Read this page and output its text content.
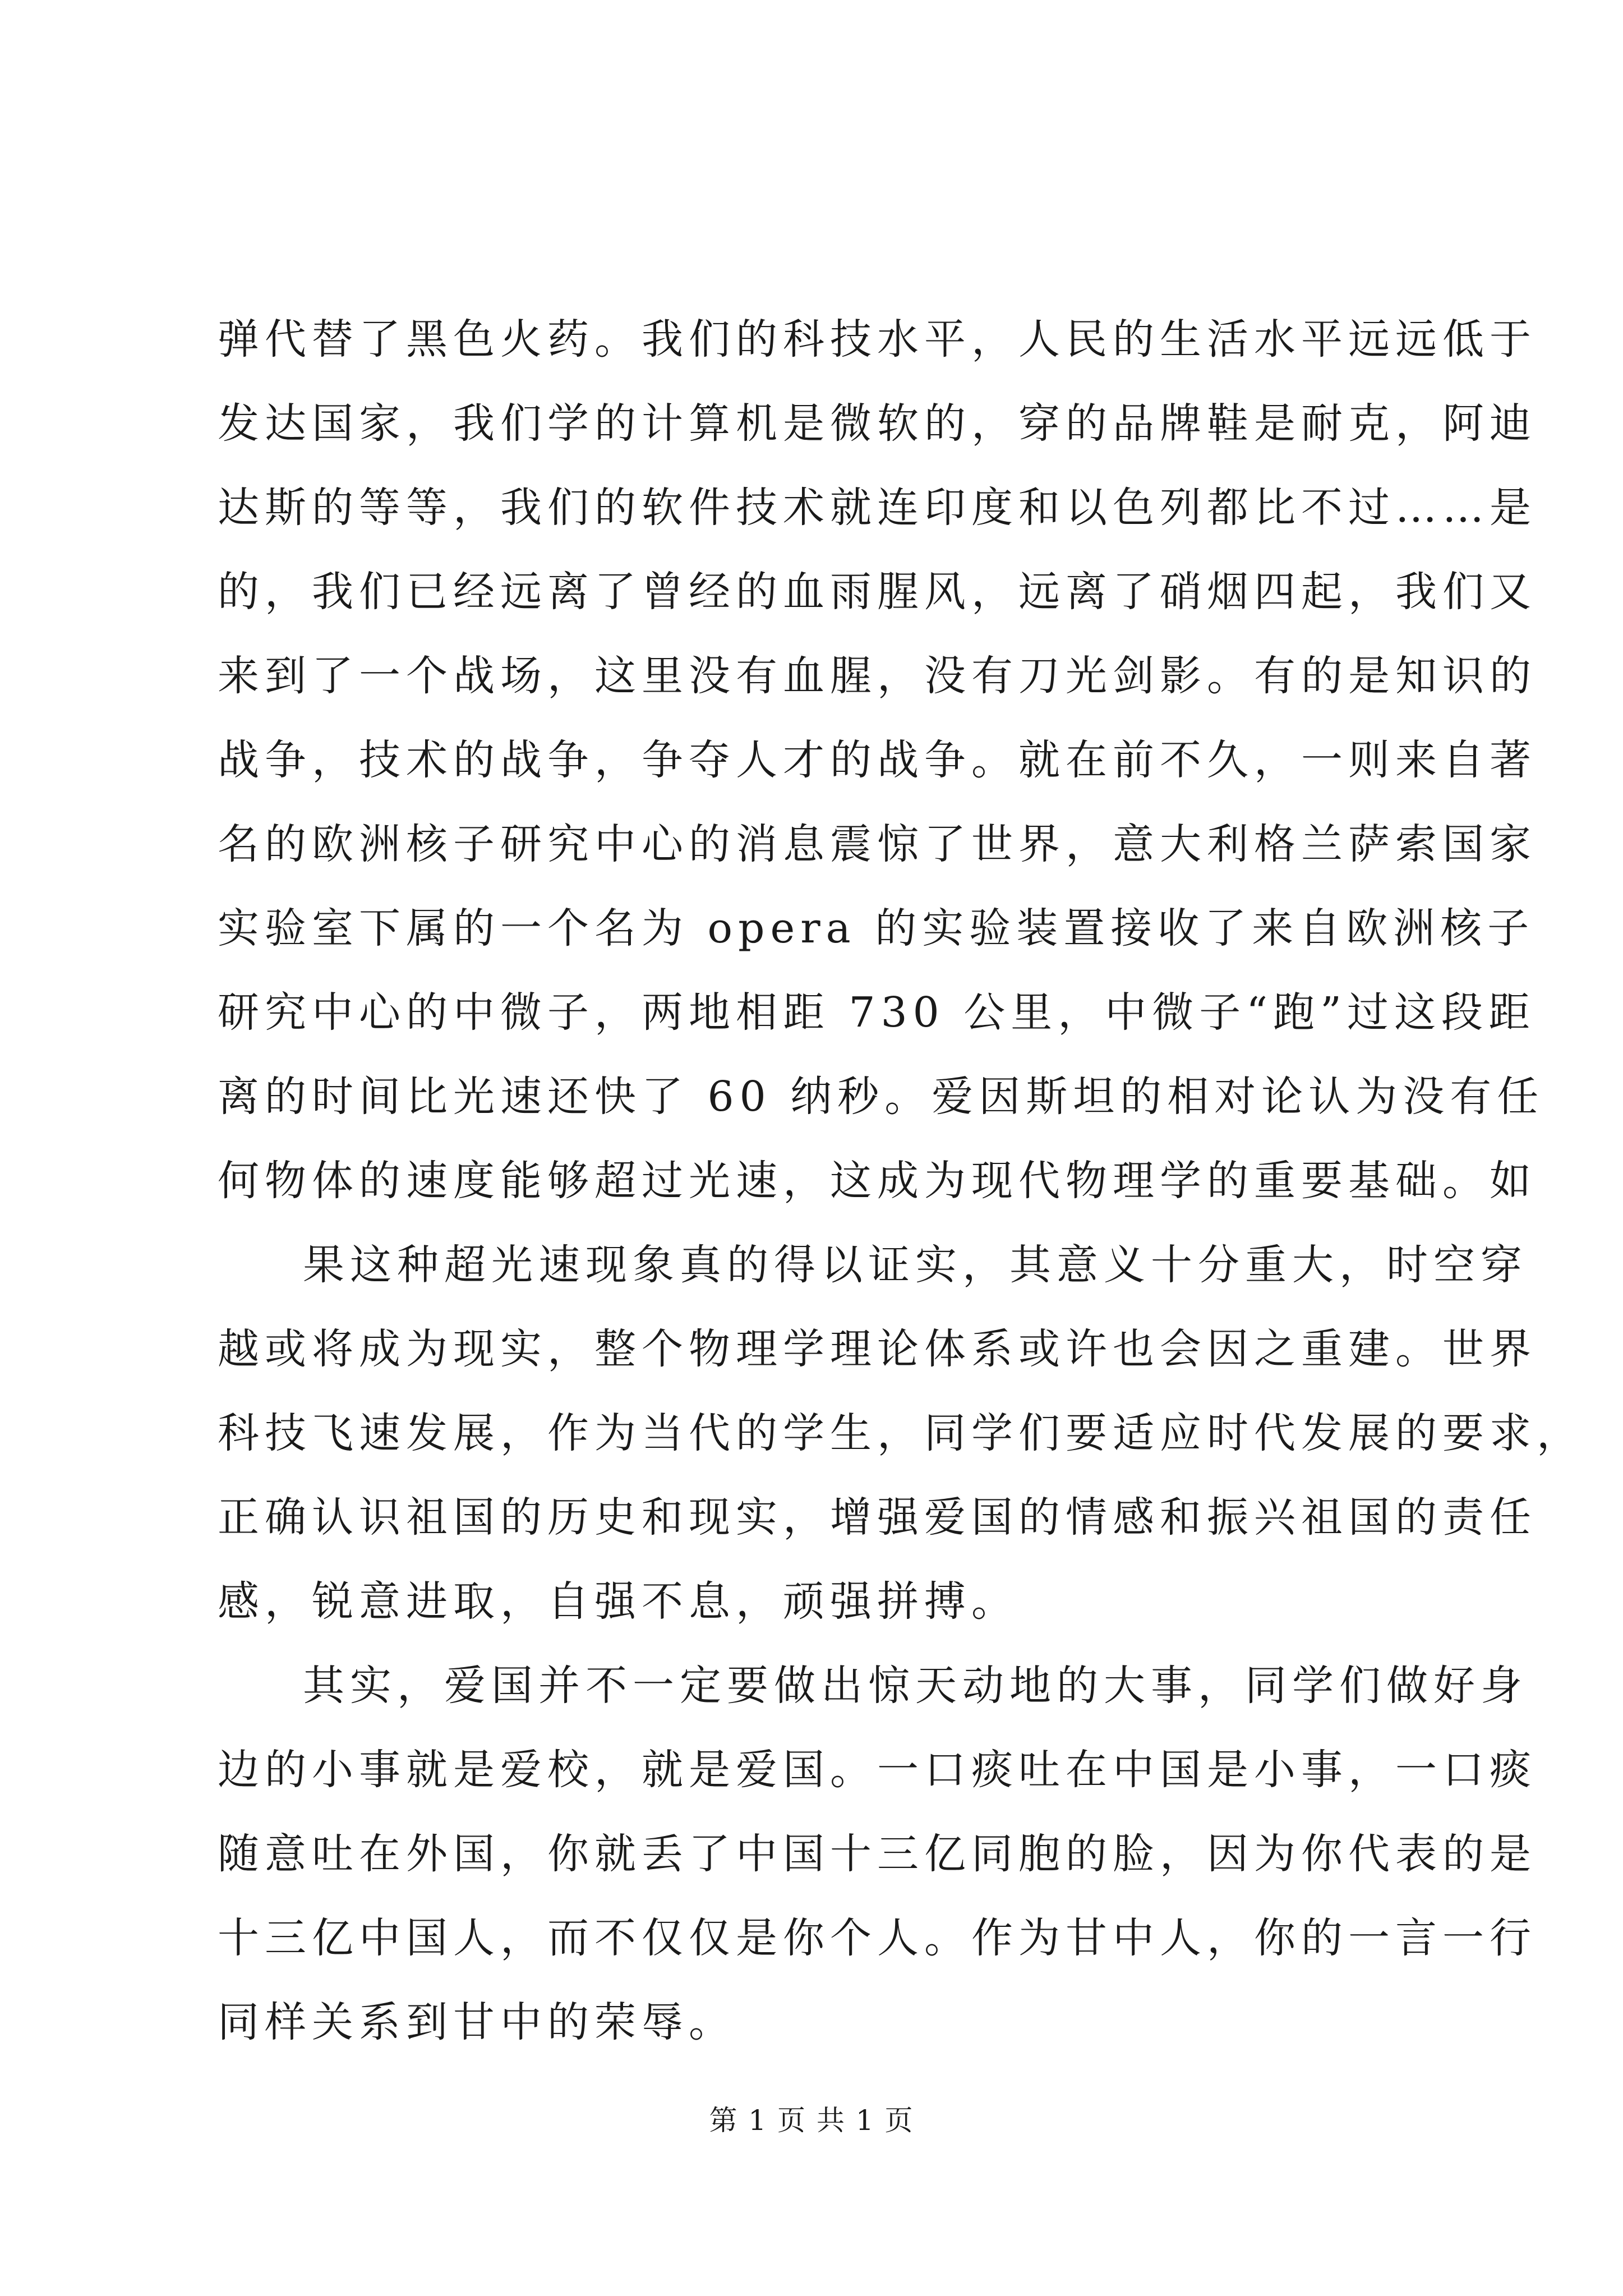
弹代替了黑色火药。我们的科技水平，人民的生活水平远远低于
发达国家，我们学的计算机是微软的，穿的品牌鞋是耐克，阿迪
达斯的等等，我们的软件技术就连印度和以色列都比不过……是
的，我们已经远离了曾经的血雨腥风，远离了硝烟四起，我们又
来到了一个战场，这里没有血腥，没有刀光剑影。有的是知识的
战争，技术的战争，争夺人才的战争。就在前不久，一则来自著
名的欧洲核子研究中心的消息震惊了世界，意大利格兰萨索国家
实验室下属的一个名为 opera 的实验装置接收了来自欧洲核子
研究中心的中微子，两地相距 730 公里，中微子“跑”过这段距
离的时间比光速还快了 60 纳秒。爱因斯坦的相对论认为没有任
何物体的速度能够超过光速，这成为现代物理学的重要基础。如
果这种超光速现象真的得以证实，其意义十分重大，时空穿
越或将成为现实，整个物理学理论体系或许也会因之重建。世界
科技飞速发展，作为当代的学生，同学们要适应时代发展的要求，
正确认识祖国的历史和现实，增强爱国的情感和振兴祖国的责任
感，锐意进取，自强不息，顽强拼搏。
其实，爱国并不一定要做出惊天动地的大事，同学们做好身
边的小事就是爱校，就是爱国。一口痰吐在中国是小事，一口痰
随意吐在外国，你就丢了中国十三亿同胞的脸，因为你代表的是
十三亿中国人，而不仅仅是你个人。作为甘中人，你的一言一行
同样关系到甘中的荣辱。
第 1 页 共 1 页
